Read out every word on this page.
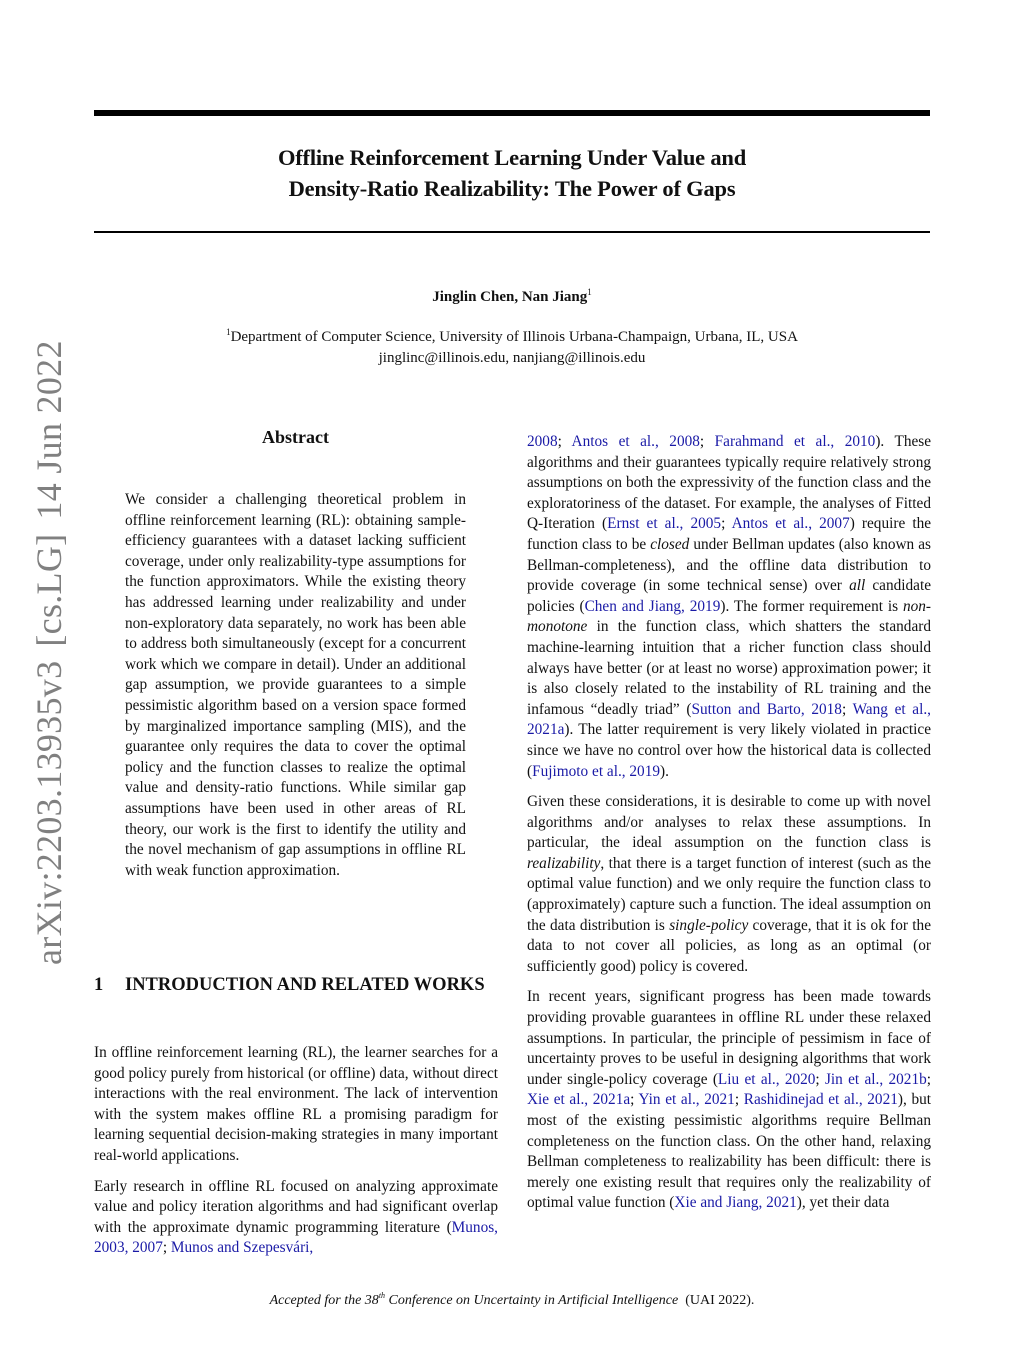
Offline Reinforcement Learning Under Value and
Density-Ratio Realizability: The Power of Gaps
Jinglin Chen, Nan Jiang$^1$
$^1$Department of Computer Science, University of Illinois Urbana-Champaign, Urbana, IL, USA
jinglinc@illinois.edu, nanjiang@illinois.edu
arXiv:2203.13935v3[cs.LG]14 Jun 2022	Abstract

We consider a challenging theoretical problem in offline reinforcement learning (RL): obtaining sample-efficiency guarantees with a dataset lacking sufficient coverage, under only realizability-type assumptions for the function approximators. While the existing theory has addressed learning under realizability and under non-exploratory data separately, no work has been able to address both simultaneously (except for a concurrent work which we compare in detail). Under an additional gap assumption, we provide guarantees to a simple pessimistic algorithm based on a version space formed by marginalized importance sampling (MIS), and the guarantee only requires the data to cover the optimal policy and the function classes to realize the optimal value and density-ratio functions. While similar gap assumptions have been used in other areas of RL theory, our work is the first to identify the utility and the novel mechanism of gap assumptions in offline RL with weak function approximation.

1 INTRODUCTION AND RELATED WORKS

In offline reinforcement learning (RL), the learner searches for a good policy purely from historical (or offline) data, without direct interactions with the real environment. The lack of intervention with the system makes offline RL a promising paradigm for learning sequential decision-making strategies in many important real-world applications.

Early research in offline RL focused on analyzing approximate value and policy iteration algorithms and had significant overlap with the approximate dynamic programming literature (Munos, 2003, 2007; Munos and Szepesvári,

2008; Antos et al., 2008; Farahmand et al., 2010). These algorithms and their guarantees typically require relatively strong assumptions on both the expressivity of the function class and the exploratoriness of the dataset. For example, the analyses of Fitted Q-Iteration (Ernst et al., 2005; Antos et al., 2007) require the function class to be closed under Bellman updates (also known as Bellman-completeness), and the offline data distribution to provide coverage (in some technical sense) over all candidate policies (Chen and Jiang, 2019). The former requirement is non-monotone in the function class, which shatters the standard machine-learning intuition that a richer function class should always have better (or at least no worse) approximation power; it is also closely related to the instability of RL training and the infamous “deadly triad” (Sutton and Barto, 2018; Wang et al., 2021a). The latter requirement is very likely violated in practice since we have no control over how the historical data is collected (Fujimoto et al., 2019).

Given these considerations, it is desirable to come up with novel algorithms and/or analyses to relax these assumptions. In particular, the ideal assumption on the function class is realizability, that there is a target function of interest (such as the optimal value function) and we only require the function class to (approximately) capture such a function. The ideal assumption on the data distribution is single-policy coverage, that it is ok for the data to not cover all policies, as long as an optimal (or sufficiently good) policy is covered.

In recent years, significant progress has been made towards providing provable guarantees in offline RL under these relaxed assumptions. In particular, the principle of pessimism in face of uncertainty proves to be useful in designing algorithms that work under single-policy coverage (Liu et al., 2020; Jin et al., 2021b; Xie et al., 2021a; Yin et al., 2021; Rashidinejad et al., 2021), but most of the existing pessimistic algorithms require Bellman completeness on the function class. On the other hand, relaxing Bellman completeness to realizability has been difficult: there is merely one existing result that requires only the realizability of optimal value function (Xie and Jiang, 2021), yet their data

Accepted for the 38th Conference on Uncertainty in Artificial Intelligence (UAI 2022).
